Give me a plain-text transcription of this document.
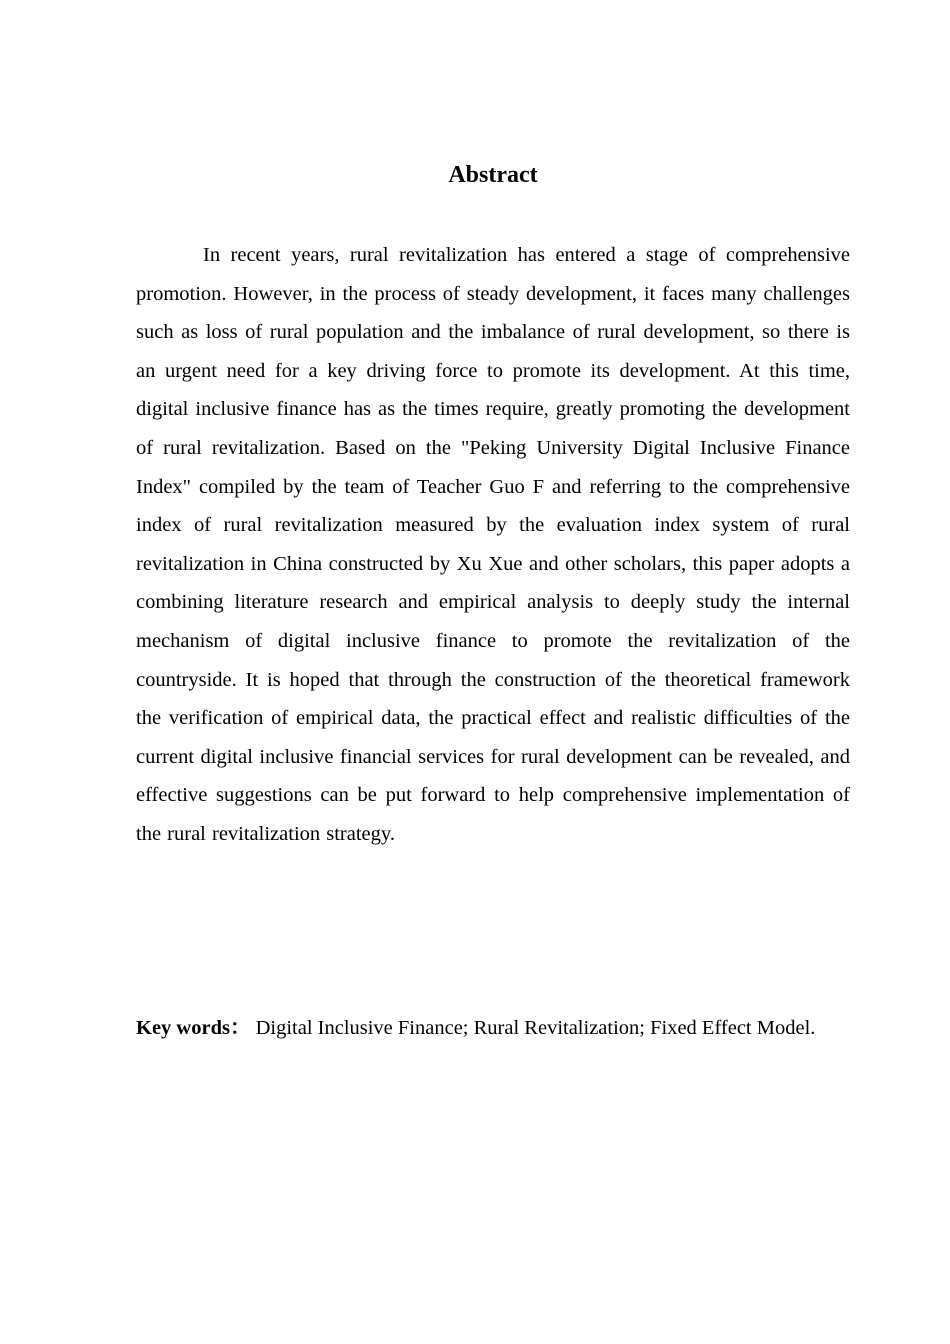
Abstract

In recent years, rural revitalization has entered a stage of comprehensive promotion. However, in the process of steady development, it faces many challenges such as loss of rural population and the imbalance of rural development, so there is an urgent need for a key driving force to promote its development. At this time, digital inclusive finance has as the times require, greatly promoting the development of rural revitalization. Based on the "Peking University Digital Inclusive Finance Index" compiled by the team of Teacher Guo F and referring to the comprehensive index of rural revitalization measured by the evaluation index system of rural revitalization in China constructed by Xu Xue and other scholars, this paper adopts a combining literature research and empirical analysis to deeply study the internal mechanism of digital inclusive finance to promote the revitalization of the countryside. It is hoped that through the construction of the theoretical framework the verification of empirical data, the practical effect and realistic difficulties of the current digital inclusive financial services for rural development can be revealed, and effective suggestions can be put forward to help comprehensive implementation of the rural revitalization strategy.

Key words： Digital Inclusive Finance; Rural Revitalization; Fixed Effect Model.
